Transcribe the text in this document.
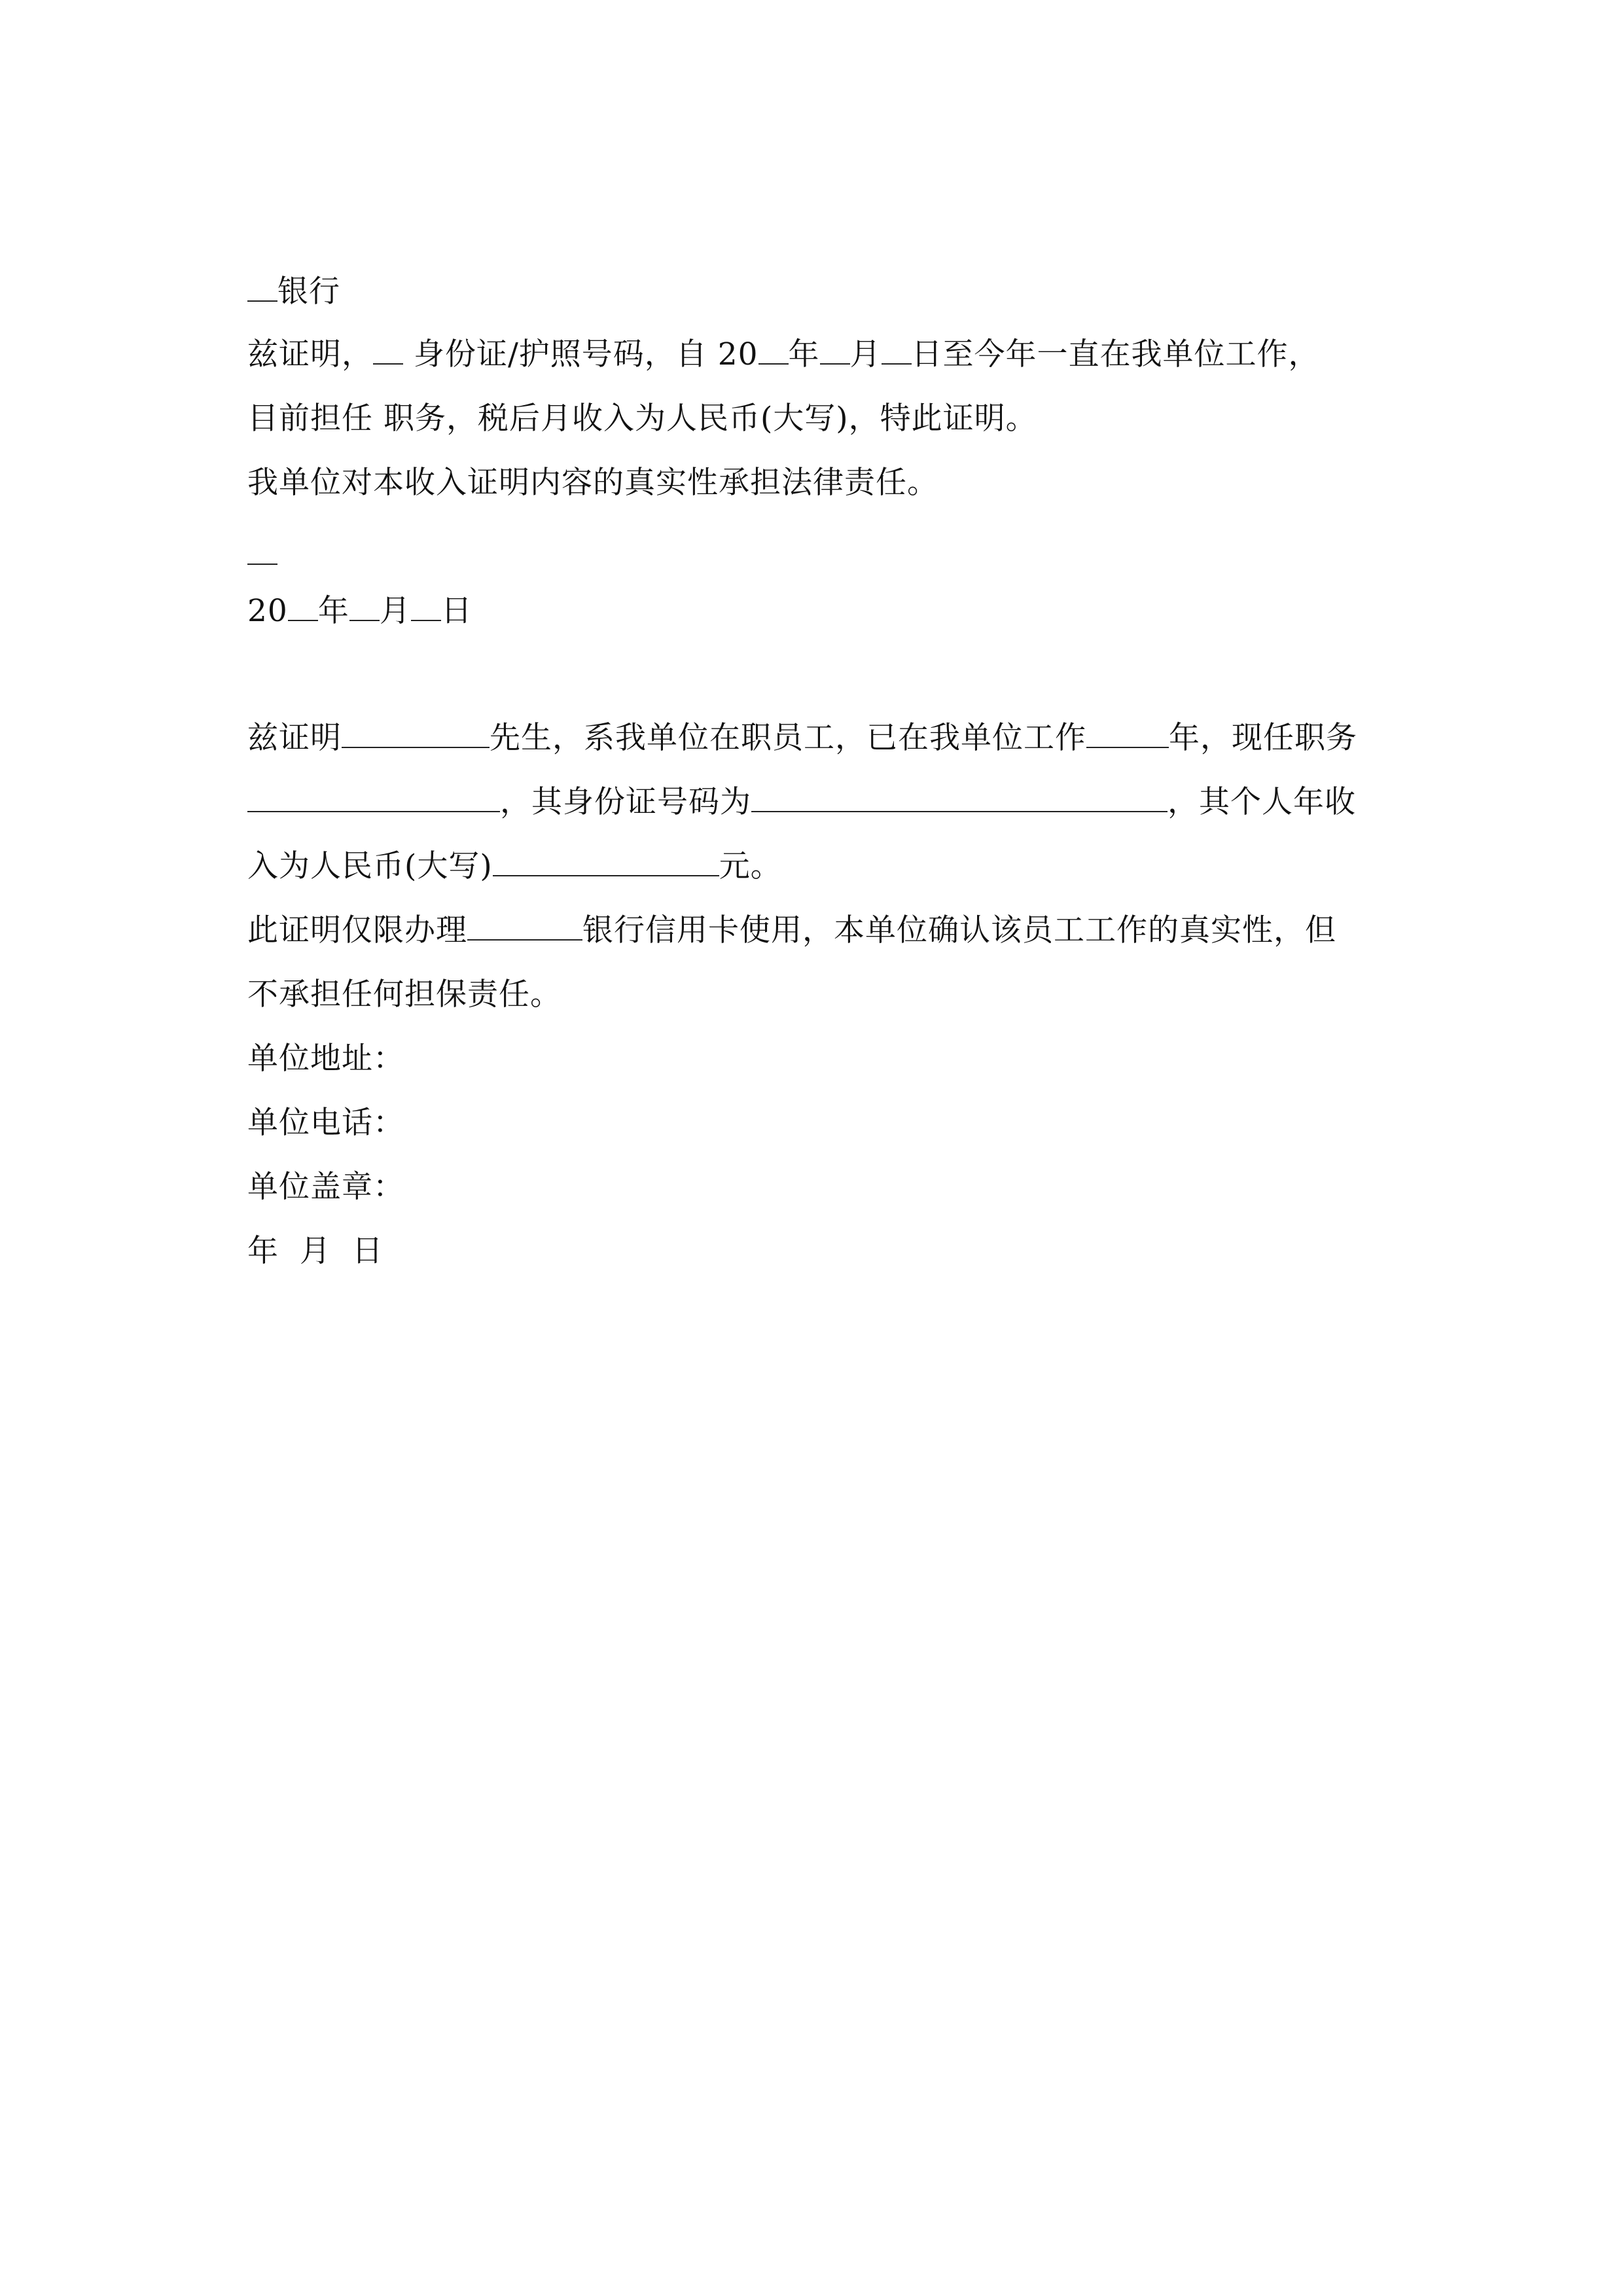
银行
兹证明， 身份证/护照号码，自 20 年 月 日至今年一直在我单位工作，
目前担任 职务，税后月收入为人民币(大写)，特此证明。
我单位对本收入证明内容的真实性承担法律责任。
20 年 月 日
兹证明	先生，系我单位在职员工，已在我单位工作	年，现任职务
，其身份证号码为	，其个人年收
入为人民币(大写)	元。
此证明仅限办理	银行信用卡使用，本单位确认该员工工作的真实性，但
不承担任何担保责任。
单位地址：
单位电话：
单位盖章：
年  月  日
